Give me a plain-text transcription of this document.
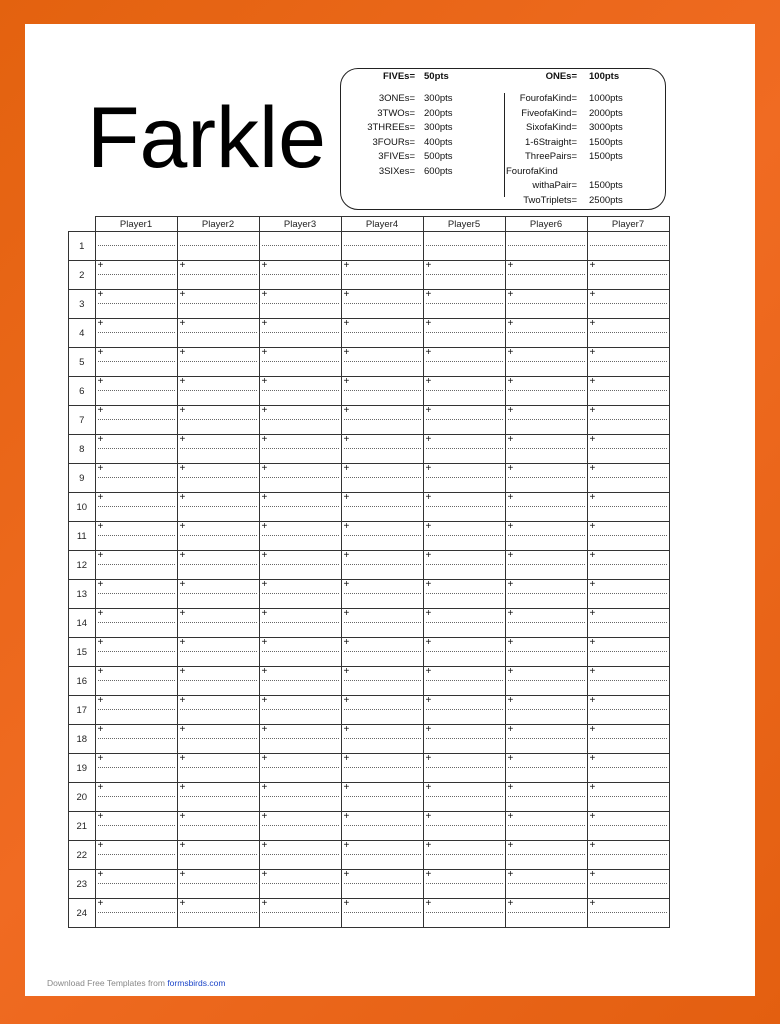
Farkle
FIVEs= 50pts	ONEs= 100pts
3ONEs= 300pts
3TWOs= 200pts
3THREEs= 300pts
3FOURs= 400pts
3FIVEs= 500pts
3SIXes= 600pts
FourofaKind= 1000pts
FiveofaKind= 2000pts
SixofaKind= 3000pts
1-6Straight= 1500pts
ThreePairs= 1500pts
FourofaKind
withaPair= 1500pts
TwoTriplets= 2500pts
	Player1	Player2	Player3	Player4	Player5	Player6	Player7
1	

2	+	+	+	+	+	+	+

3	+	+	+	+	+	+	+

4	+	+	+	+	+	+	+

5	+	+	+	+	+	+	+

6	+	+	+	+	+	+	+

7	+	+	+	+	+	+	+

8	+	+	+	+	+	+	+

9	+	+	+	+	+	+	+

10	+	+	+	+	+	+	+

11	+	+	+	+	+	+	+

12	+	+	+	+	+	+	+

13	+	+	+	+	+	+	+

14	+	+	+	+	+	+	+

15	+	+	+	+	+	+	+

16	+	+	+	+	+	+	+

17	+	+	+	+	+	+	+

18	+	+	+	+	+	+	+

19	+	+	+	+	+	+	+

20	+	+	+	+	+	+	+

21	+	+	+	+	+	+	+

22	+	+	+	+	+	+	+

23	+	+	+	+	+	+	+

24	+	+	+	+	+	+	+
Download Free Templates from formsbirds.com
